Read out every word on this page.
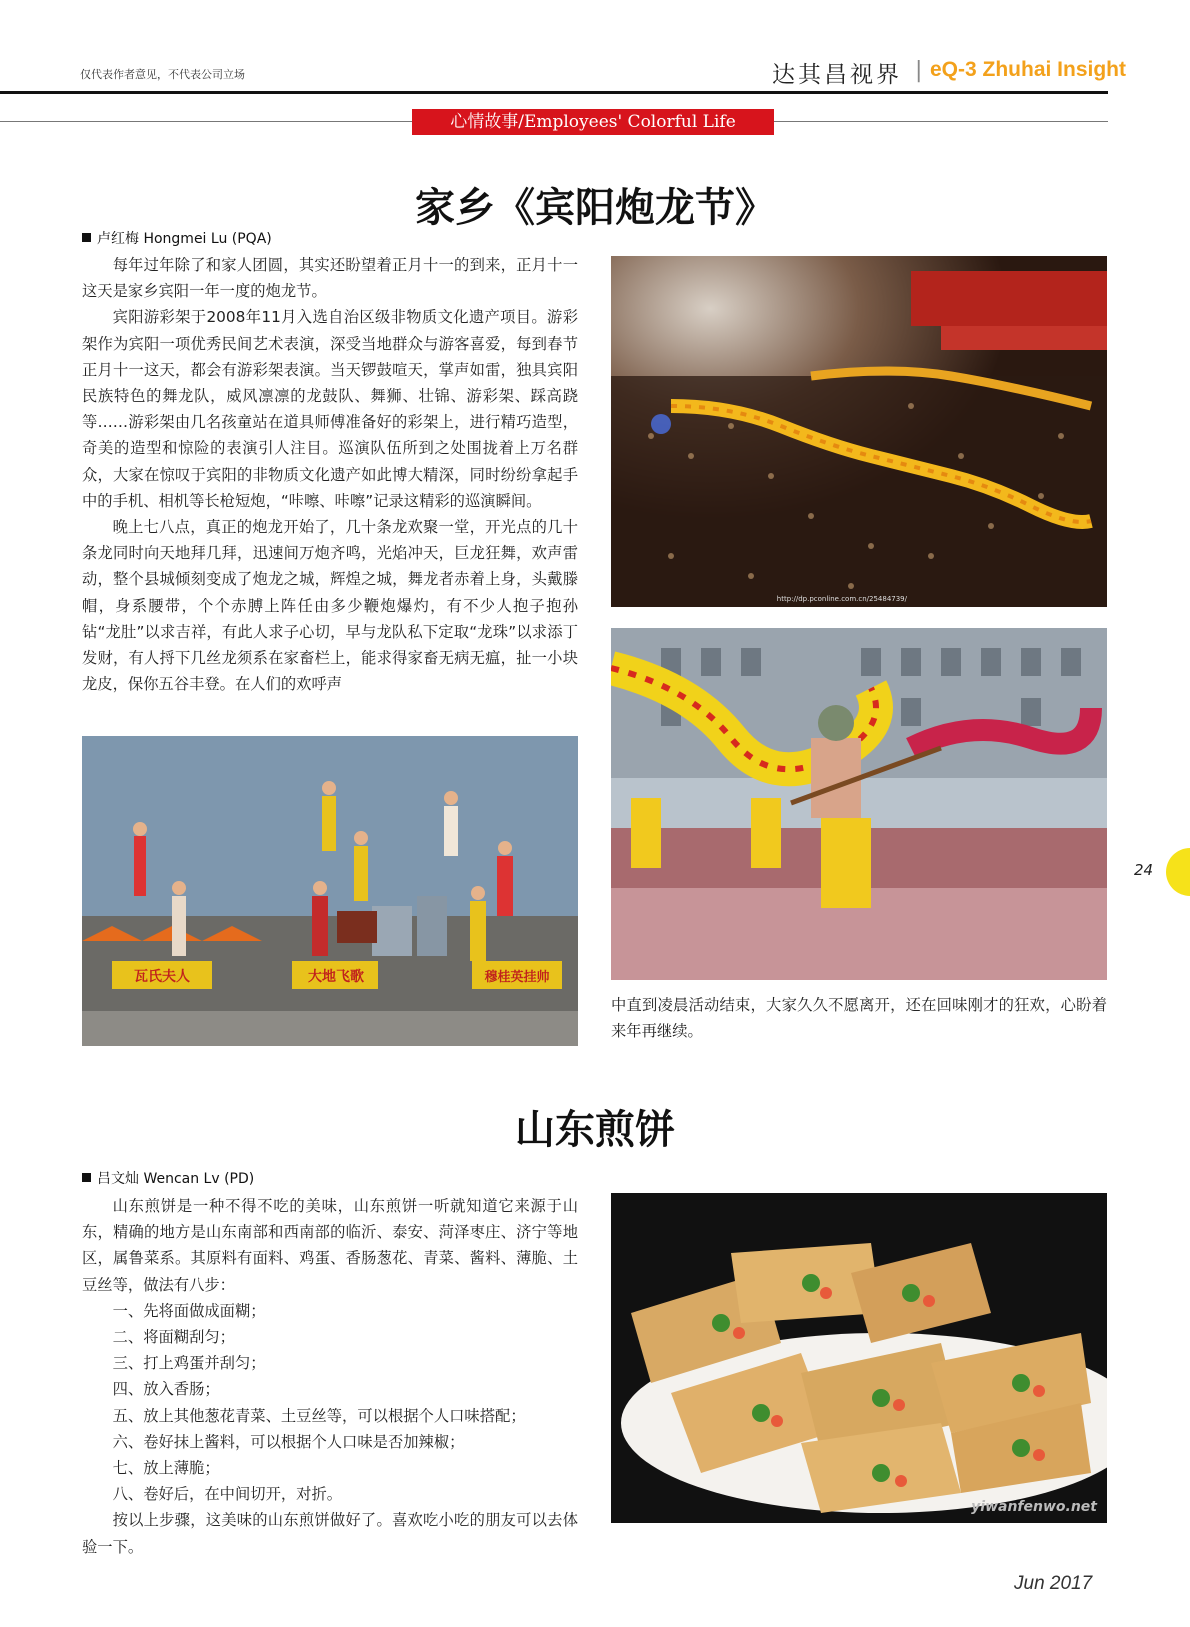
仅代表作者意见，不代表公司立场	达其昌视界 | eQ-3 Zhuhai Insight
心情故事/Employees' Colorful Life
家乡《宾阳炮龙节》
卢红梅 Hongmei Lu (PQA)

每年过年除了和家人团圆，其实还盼望着正月十一的到来，正月十一这天是家乡宾阳一年一度的炮龙节。

宾阳游彩架于2008年11月入选自治区级非物质文化遗产项目。游彩架作为宾阳一项优秀民间艺术表演，深受当地群众与游客喜爱，每到春节正月十一这天，都会有游彩架表演。当天锣鼓喧天，掌声如雷，独具宾阳民族特色的舞龙队，威风凛凛的龙鼓队、舞狮、壮锦、游彩架、踩高跷等……游彩架由几名孩童站在道具师傅准备好的彩架上，进行精巧造型，奇美的造型和惊险的表演引人注目。巡演队伍所到之处围拢着上万名群众，大家在惊叹于宾阳的非物质文化遗产如此博大精深，同时纷纷拿起手中的手机、相机等长枪短炮，“咔嚓、咔嚓”记录这精彩的巡演瞬间。

晚上七八点，真正的炮龙开始了，几十条龙欢聚一堂，开光点的几十条龙同时向天地拜几拜，迅速间万炮齐鸣，光焰冲天，巨龙狂舞，欢声雷动，整个县城倾刻变成了炮龙之城，辉煌之城，舞龙者赤着上身，头戴滕帽，身系腰带，个个赤膊上阵任由多少鞭炮爆灼，有不少人抱子抱孙钻“龙肚”以求吉祥，有此人求子心切，早与龙队私下定取“龙珠”以求添丁发财，有人捋下几丝龙须系在家畜栏上，能求得家畜无病无瘟，扯一小块龙皮，保你五谷丰登。在人们的欢呼声

http://dp.pconline.com.cn/25484739/
瓦氏夫人	大地飞歌	穆桂英挂帅

中直到凌晨活动结束，大家久久不愿离开，还在回味刚才的狂欢，心盼着来年再继续。

山东煎饼
吕文灿 Wencan Lv (PD)

山东煎饼是一种不得不吃的美味，山东煎饼一听就知道它来源于山东，精确的地方是山东南部和西南部的临沂、泰安、菏泽枣庄、济宁等地区，属鲁菜系。其原料有面料、鸡蛋、香肠葱花、青菜、酱料、薄脆、土豆丝等，做法有八步：

一、先将面做成面糊；
二、将面糊刮匀；
三、打上鸡蛋并刮匀；
四、放入香肠；
五、放上其他葱花青菜、土豆丝等，可以根据个人口味搭配；
六、卷好抹上酱料，可以根据个人口味是否加辣椒；
七、放上薄脆；
八、卷好后，在中间切开，对折。

按以上步骤，这美味的山东煎饼做好了。喜欢吃小吃的朋友可以去体验一下。

yiwanfenwo.net
24
Jun 2017
